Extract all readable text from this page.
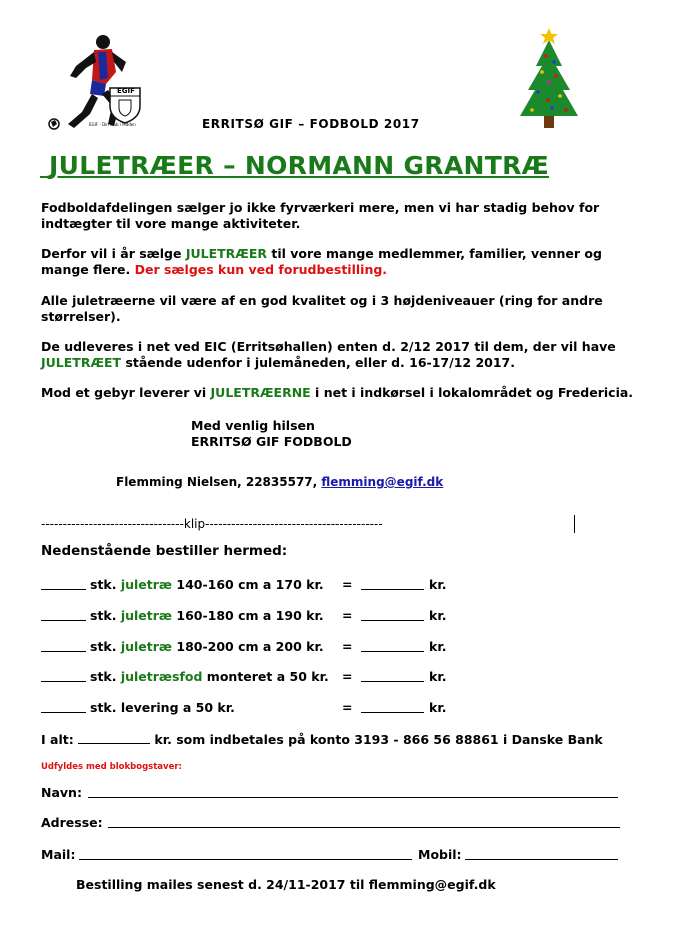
EGIF
EGIF - Din klub i Mdden	ERRITSØ GIF – FODBOLD 2017
JULETRÆER – NORMANN GRANTRÆ
Fodboldafdelingen sælger jo ikke fyrværkeri mere, men vi har stadig behov for indtægter til vore mange aktiviteter.
Derfor vil i år sælge JULETRÆER til vore mange medlemmer, familier, venner og
mange flere. Der sælges kun ved forudbestilling.
Alle juletræerne vil være af en god kvalitet og i 3 højdeniveauer (ring for andre størrelser).
De udleveres i net ved EIC (Erritsøhallen) enten d. 2/12 2017 til dem, der vil have
JULETRÆET stående udenfor i julemåneden, eller d. 16-17/12 2017.
Mod et gebyr leverer vi JULETRÆERNE i net i indkørsel i lokalområdet og Fredericia.
Med venlig hilsen
ERRITSØ GIF FODBOLD
Flemming Nielsen, 22835577, flemming@egif.dk
---------------------------------klip-----------------------------------------
Nedenstående bestiller hermed:
stk. juletræ 140-160 cm a 170 kr. =	kr.
stk. juletræ 160-180 cm a 190 kr. =	kr.
stk. juletræ 180-200 cm a 200 kr. =	kr.
stk. juletræsfod monteret a 50 kr. =	kr.
stk. levering a 50 kr.	=	kr.
I alt:	kr. som indbetales på konto 3193 - 866 56 88861 i Danske Bank
Udfyldes med blokbogstaver:
Navn:
Adresse:
Mail:	Mobil:
Bestilling mailes senest d. 24/11-2017 til flemming@egif.dk
